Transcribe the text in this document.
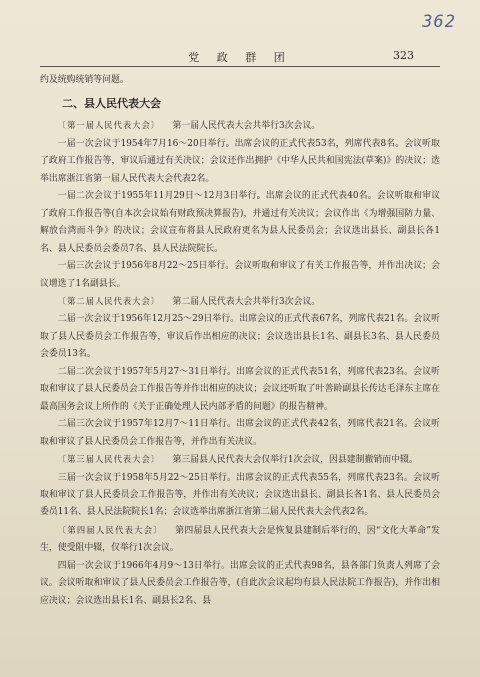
362
党 政 群 团	323

约及统购统销等问题。

二、县人民代表大会

〔第一届人民代表大会〕 第一届人民代表大会共举行3次会议。

一届一次会议于1954年7月16～20日举行。出席会议的正式代表53名，列席代表8名。会议听取了政府工作报告等，审议后通过有关决议；会议还作出拥护《中华人民共和国宪法(草案)》的决议；选举出席浙江省第一届人民代表大会代表2名。

一届二次会议于1955年11月29日～12月3日举行。出席会议的正式代表40名。会议听取和审议了政府工作报告等(自本次会议始有财政预决算报告)，并通过有关决议；会议作出《为增强国防力量、解放台湾而斗争》的决议；会议宣布将县人民政府更名为县人民委员会；会议选出县长、副县长各1名、县人民委员会委员7名、县人民法院院长。

一届三次会议于1956年8月22～25日举行。会议听取和审议了有关工作报告等，并作出决议；会议增选了1名副县长。

〔第二届人民代表大会〕 第二届人民代表大会共举行3次会议。

二届一次会议于1956年12月25～29日举行。出席会议的正式代表67名，列席代表21名。会议听取了县人民委员会工作报告等，审议后作出相应的决议；会议选出县长1名、副县长3名、县人民委员会委员13名。

二届二次会议于1957年5月27～31日举行。出席会议的正式代表51名，列席代表23名。会议听取和审议了县人民委员会工作报告等并作出相应的决议；会议还听取了叶善龄副县长传达毛泽东主席在最高国务会议上所作的《关于正确处理人民内部矛盾的问题》的报告精神。

二届三次会议于1957年12月7～11日举行。出席会议的正式代表42名，列席代表21名。会议听取和审议了县人民委员会工作报告等，并作出有关决议。

〔第三届人民代表大会〕 第三届县人民代表大会仅举行1次会议，因县建制撤销而中辍。

三届一次会议于1958年5月22～25日举行。出席会议的正式代表55名，列席代表23名。会议听取和审议了县人民委员会工作报告等，并作出有关决议；会议选出县长、副县长各1名、县人民委员会委员11名、县人民法院院长1名；会议选举出席浙江省第二届人民代表大会代表2名。

〔第四届人民代表大会〕 第四届县人民代表大会是恢复县建制后举行的，因“文化大革命”发生，使受阻中辍，仅举行1次会议。

四届一次会议于1966年4月9～13日举行。出席会议的正式代表98名，县各部门负责人列席了会议。会议听取和审议了县人民委员会工作报告等，(自此次会议起均有县人民法院工作报告)，并作出相应决议；会议选出县长1名、副县长2名、县
